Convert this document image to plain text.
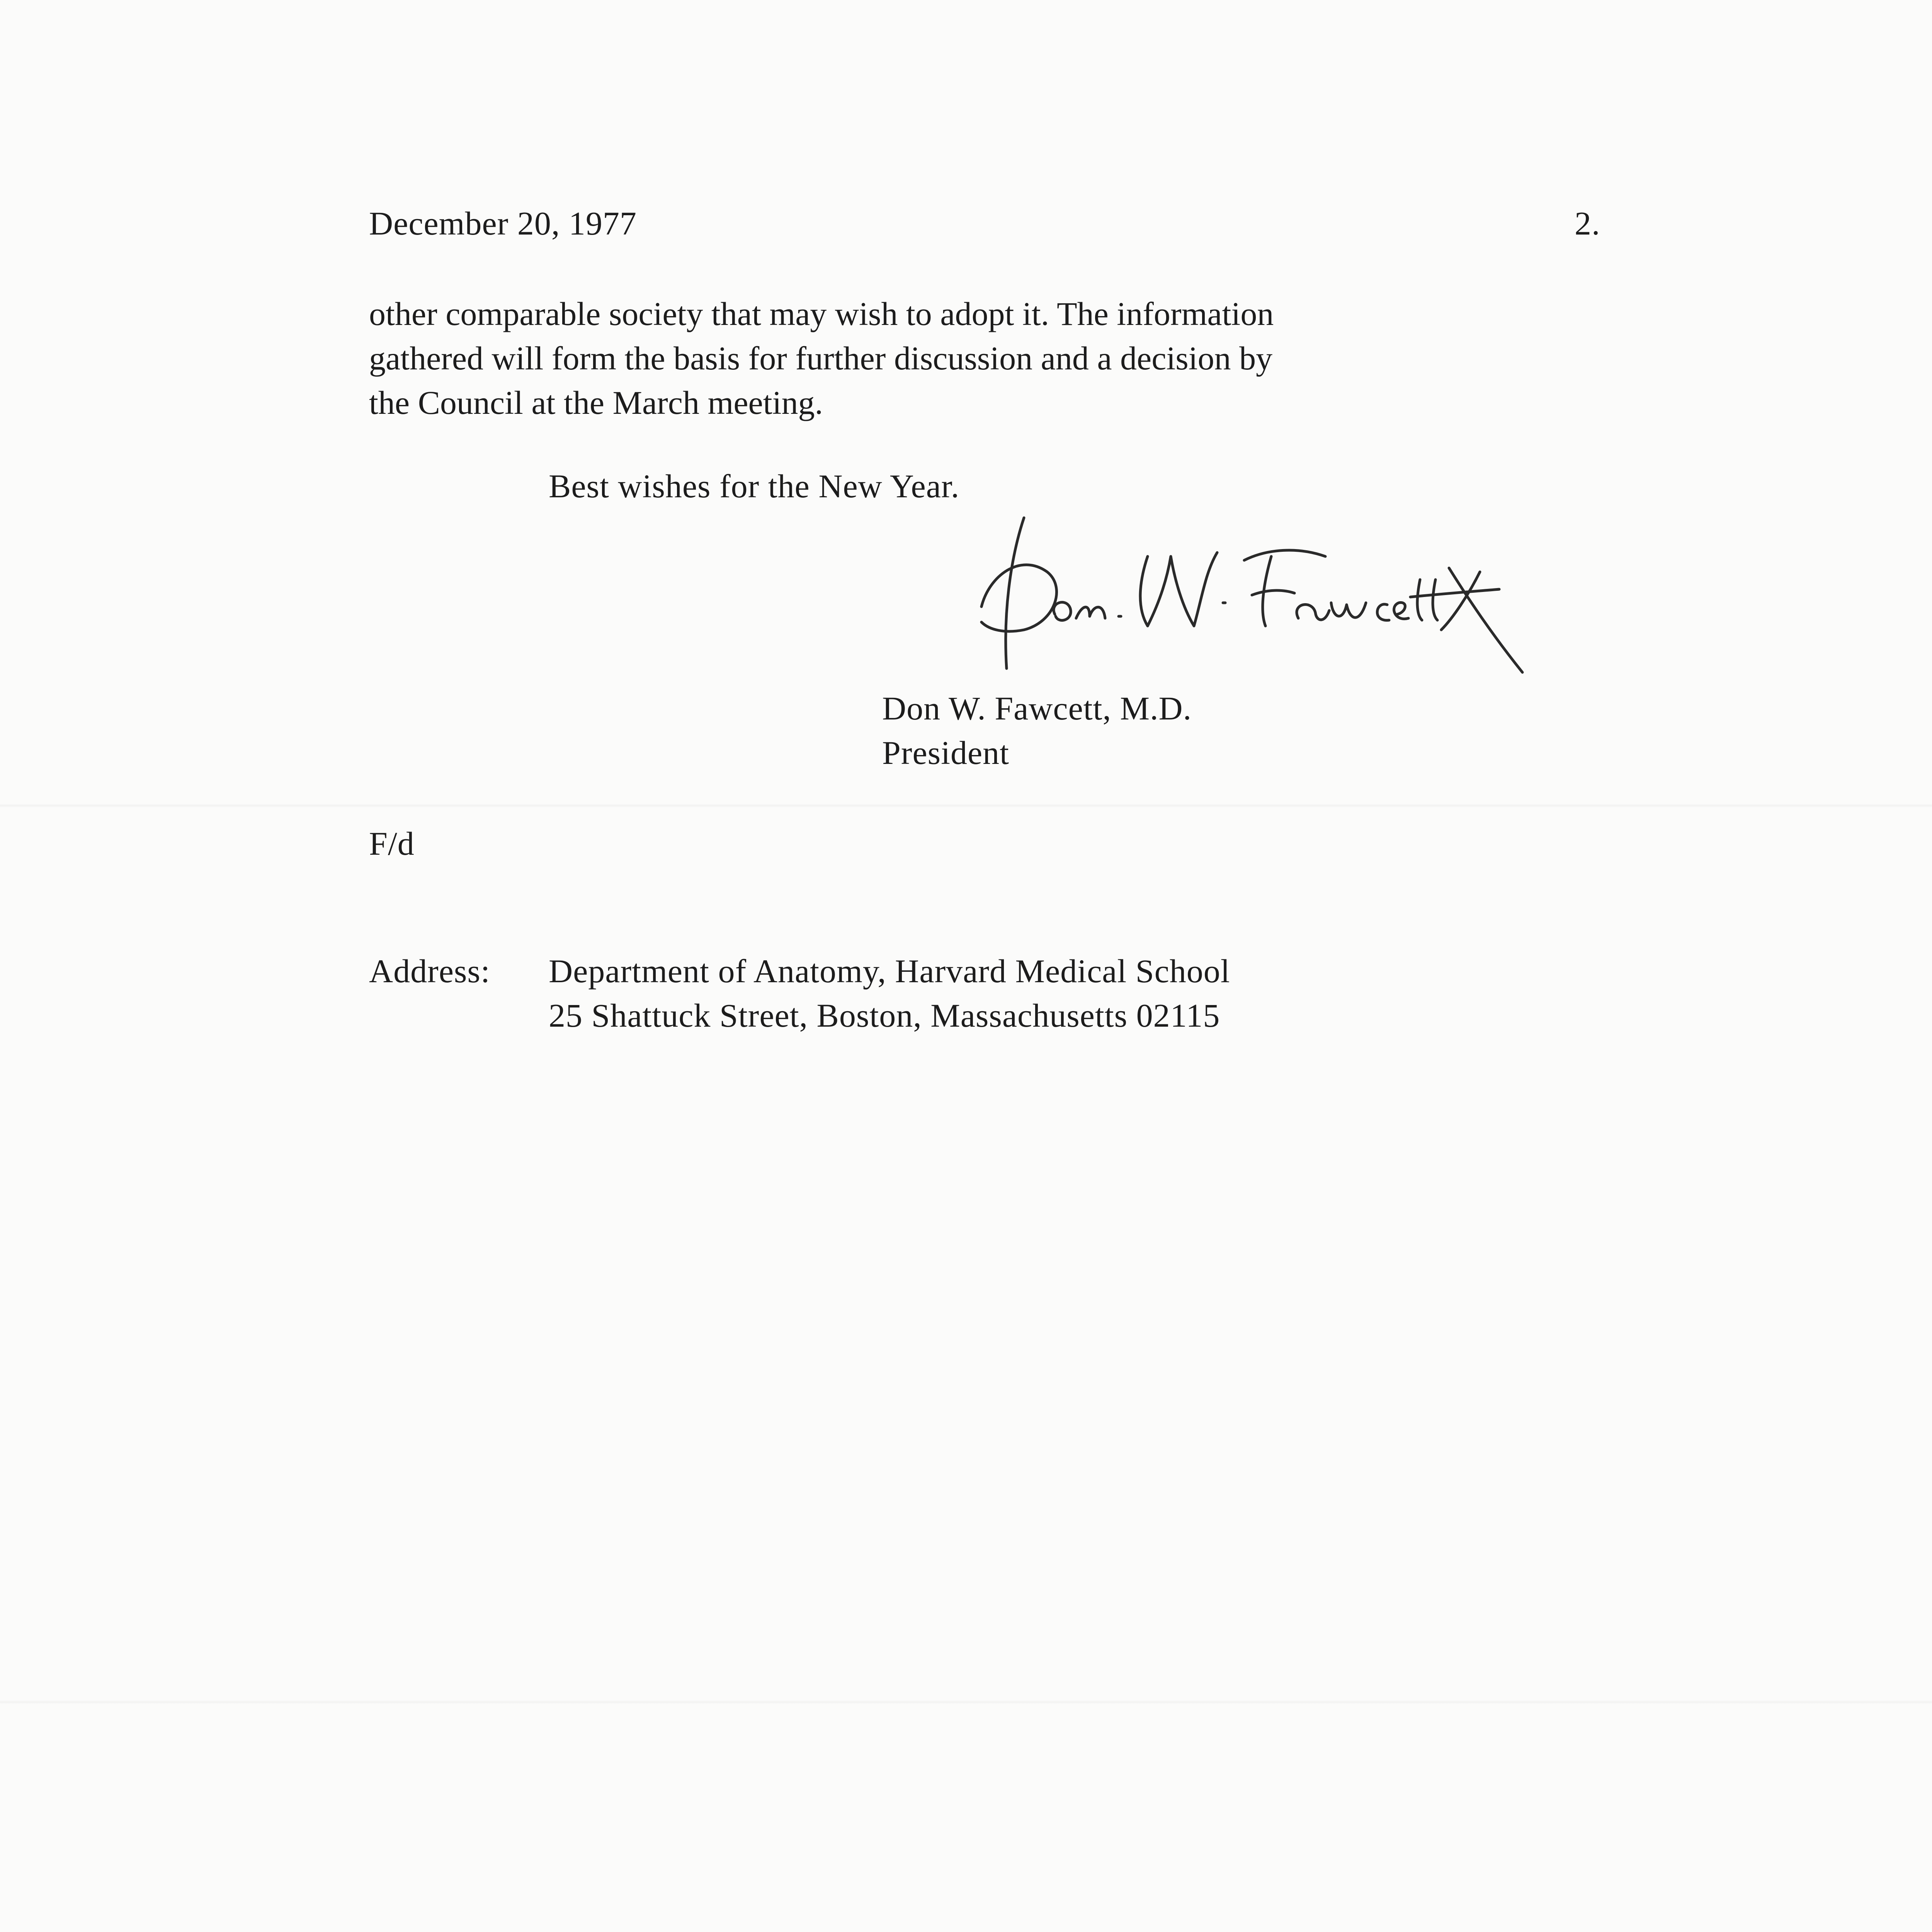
December 20, 1977	2.
other comparable society that may wish to adopt it. The information
gathered will form the basis for further discussion and a decision by
the Council at the March meeting.
Best wishes for the New Year.
Don W. Fawcett, M.D.
President
F/d
Address: Department of Anatomy, Harvard Medical School
25 Shattuck Street, Boston, Massachusetts 02115
